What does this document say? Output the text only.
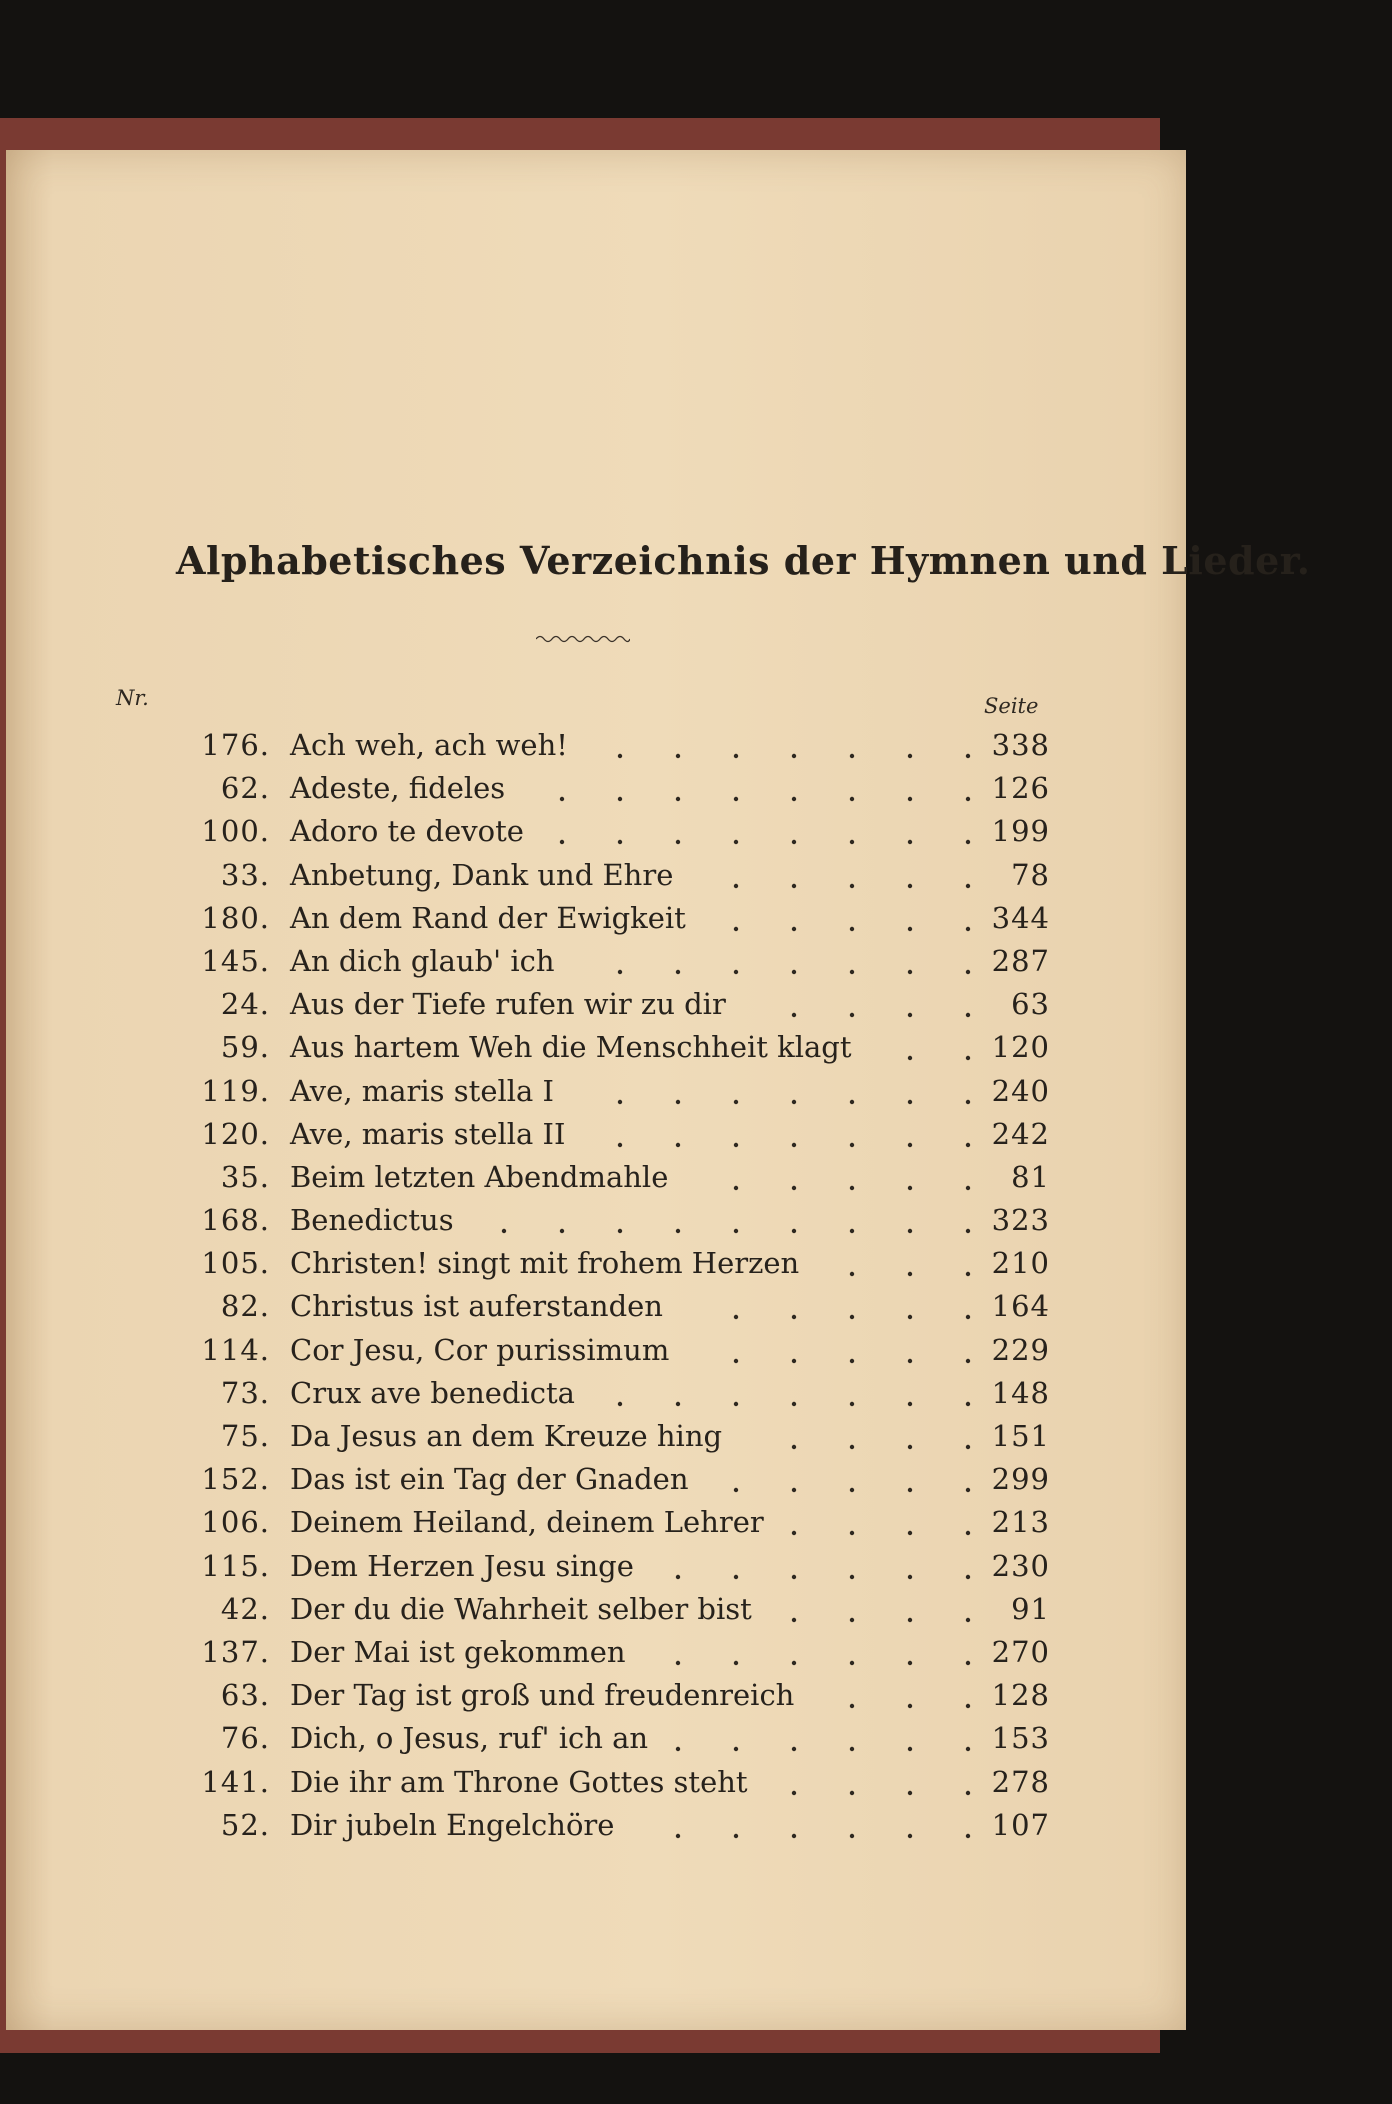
Alphabetisches Verzeichnis der Hymnen und Lieder.
Nr.	Seite
176. Ach weh, ach weh!	338
62. Adeste, fideles	126
100. Adoro te devote	199
33. Anbetung, Dank und Ehre	78
180. An dem Rand der Ewigkeit	344
145. An dich glaub' ich	287
24. Aus der Tiefe rufen wir zu dir	63
59. Aus hartem Weh die Menschheit klagt	120
119. Ave, maris stella I	240
120. Ave, maris stella II	242
35. Beim letzten Abendmahle	81
168. Benedictus	323
105. Christen! singt mit frohem Herzen	210
82. Christus ist auferstanden	164
114. Cor Jesu, Cor purissimum	229
73. Crux ave benedicta	148
75. Da Jesus an dem Kreuze hing	151
152. Das ist ein Tag der Gnaden	299
106. Deinem Heiland, deinem Lehrer	213
115. Dem Herzen Jesu singe	230
42. Der du die Wahrheit selber bist	91
137. Der Mai ist gekommen	270
63. Der Tag ist groß und freudenreich	128
76. Dich, o Jesus, ruf' ich an	153
141. Die ihr am Throne Gottes steht	278
52. Dir jubeln Engelchöre	107
